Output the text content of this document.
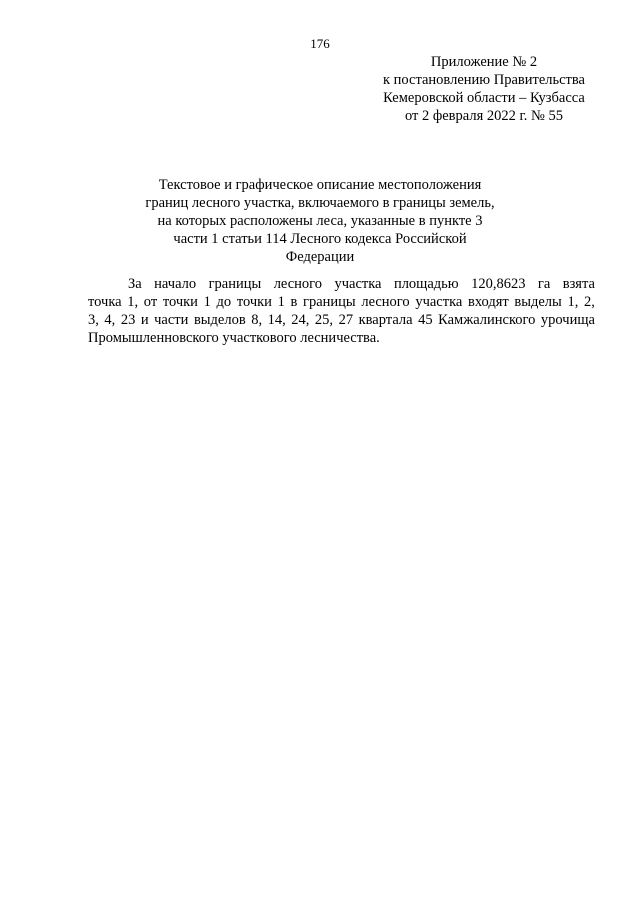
176
Приложение № 2
к постановлению Правительства
Кемеровской области – Кузбасса
от 2 февраля 2022 г. № 55
Текстовое и графическое описание местоположения
границ лесного участка, включаемого в границы земель,
на которых расположены леса, указанные в пункте 3
части 1 статьи 114 Лесного кодекса Российской
Федерации
За начало границы лесного участка площадью 120,8623 га взята
точка 1, от точки 1 до точки 1 в границы лесного участка входят выделы 1, 2,
3, 4, 23 и части выделов 8, 14, 24, 25, 27 квартала 45 Камжалинского урочища
Промышленновского участкового лесничества.
